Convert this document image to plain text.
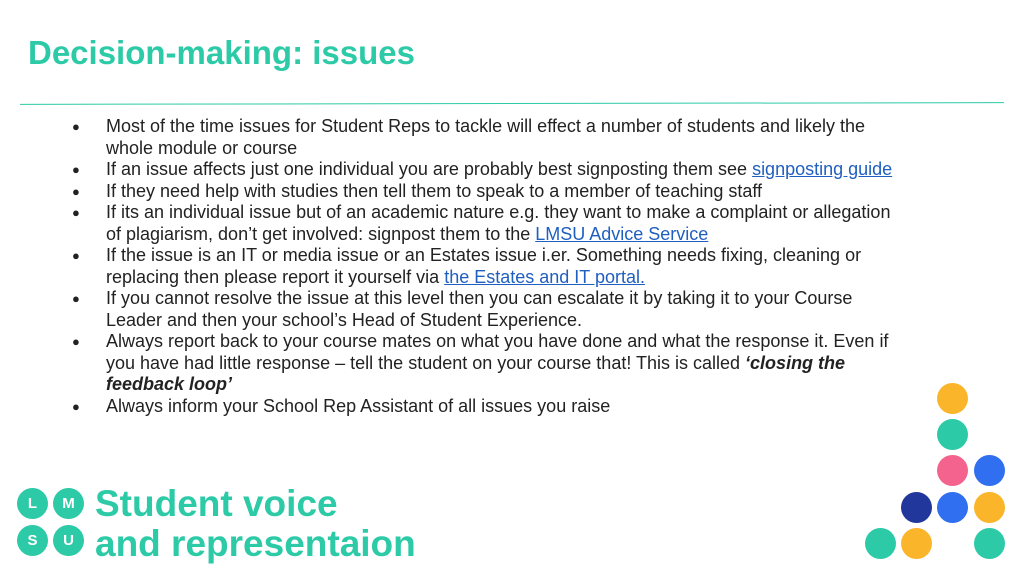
Decision-making: issues
● Most of the time issues for Student Reps to tackle will effect a number of students and likely the whole module or course
● If an issue affects just one individual you are probably best signposting them see signposting guide
● If they need help with studies then tell them to speak to a member of teaching staff
● If its an individual issue but of an academic nature e.g. they want to make a complaint or allegation of plagiarism, don’t get involved: signpost them to the LMSU Advice Service
● If the issue is an IT or media issue or an Estates issue i.er. Something needs fixing, cleaning or replacing then please report it yourself via the Estates and IT portal.
● If you cannot resolve the issue at this level then you can escalate it by taking it to your Course Leader and then your school’s Head of Student Experience.
● Always report back to your course mates on what you have done and what the response it. Even if you have had little response – tell the student on your course that! This is called ‘closing the feedback loop’
● Always inform your School Rep Assistant of all issues you raise
L	M
S	U
Student voice
and representaion
